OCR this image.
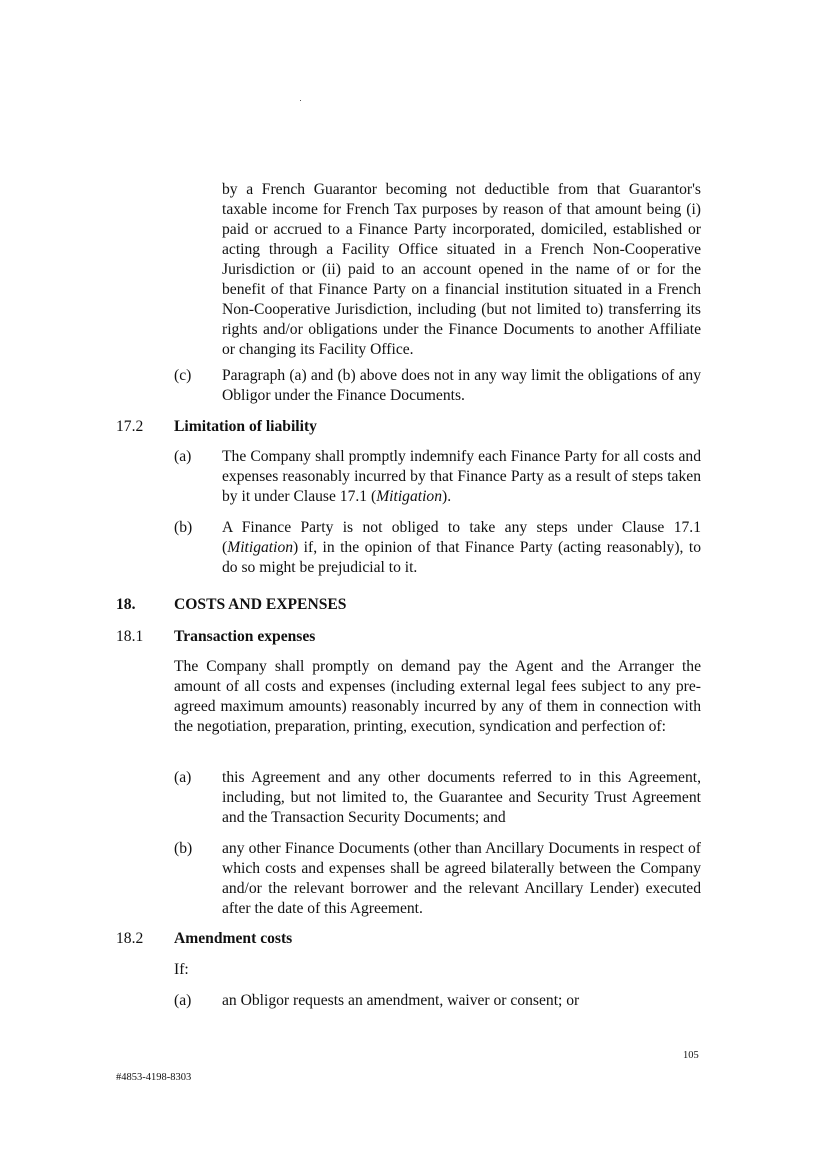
by a French Guarantor becoming not deductible from that Guarantor's taxable income for French Tax purposes by reason of that amount being (i) paid or accrued to a Finance Party incorporated, domiciled, established or acting through a Facility Office situated in a French Non-Cooperative Jurisdiction or (ii) paid to an account opened in the name of or for the benefit of that Finance Party on a financial institution situated in a French Non-Cooperative Jurisdiction, including (but not limited to) transferring its rights and/or obligations under the Finance Documents to another Affiliate or changing its Facility Office.
(c) Paragraph (a) and (b) above does not in any way limit the obligations of any Obligor under the Finance Documents.
17.2 Limitation of liability
(a) The Company shall promptly indemnify each Finance Party for all costs and expenses reasonably incurred by that Finance Party as a result of steps taken by it under Clause 17.1 (Mitigation).
(b) A Finance Party is not obliged to take any steps under Clause 17.1 (Mitigation) if, in the opinion of that Finance Party (acting reasonably), to do so might be prejudicial to it.
18. COSTS AND EXPENSES
18.1 Transaction expenses
The Company shall promptly on demand pay the Agent and the Arranger the amount of all costs and expenses (including external legal fees subject to any pre-agreed maximum amounts) reasonably incurred by any of them in connection with the negotiation, preparation, printing, execution, syndication and perfection of:
(a) this Agreement and any other documents referred to in this Agreement, including, but not limited to, the Guarantee and Security Trust Agreement and the Transaction Security Documents; and
(b) any other Finance Documents (other than Ancillary Documents in respect of which costs and expenses shall be agreed bilaterally between the Company and/or the relevant borrower and the relevant Ancillary Lender) executed after the date of this Agreement.
18.2 Amendment costs
If:
(a) an Obligor requests an amendment, waiver or consent; or
105
#4853-4198-8303
